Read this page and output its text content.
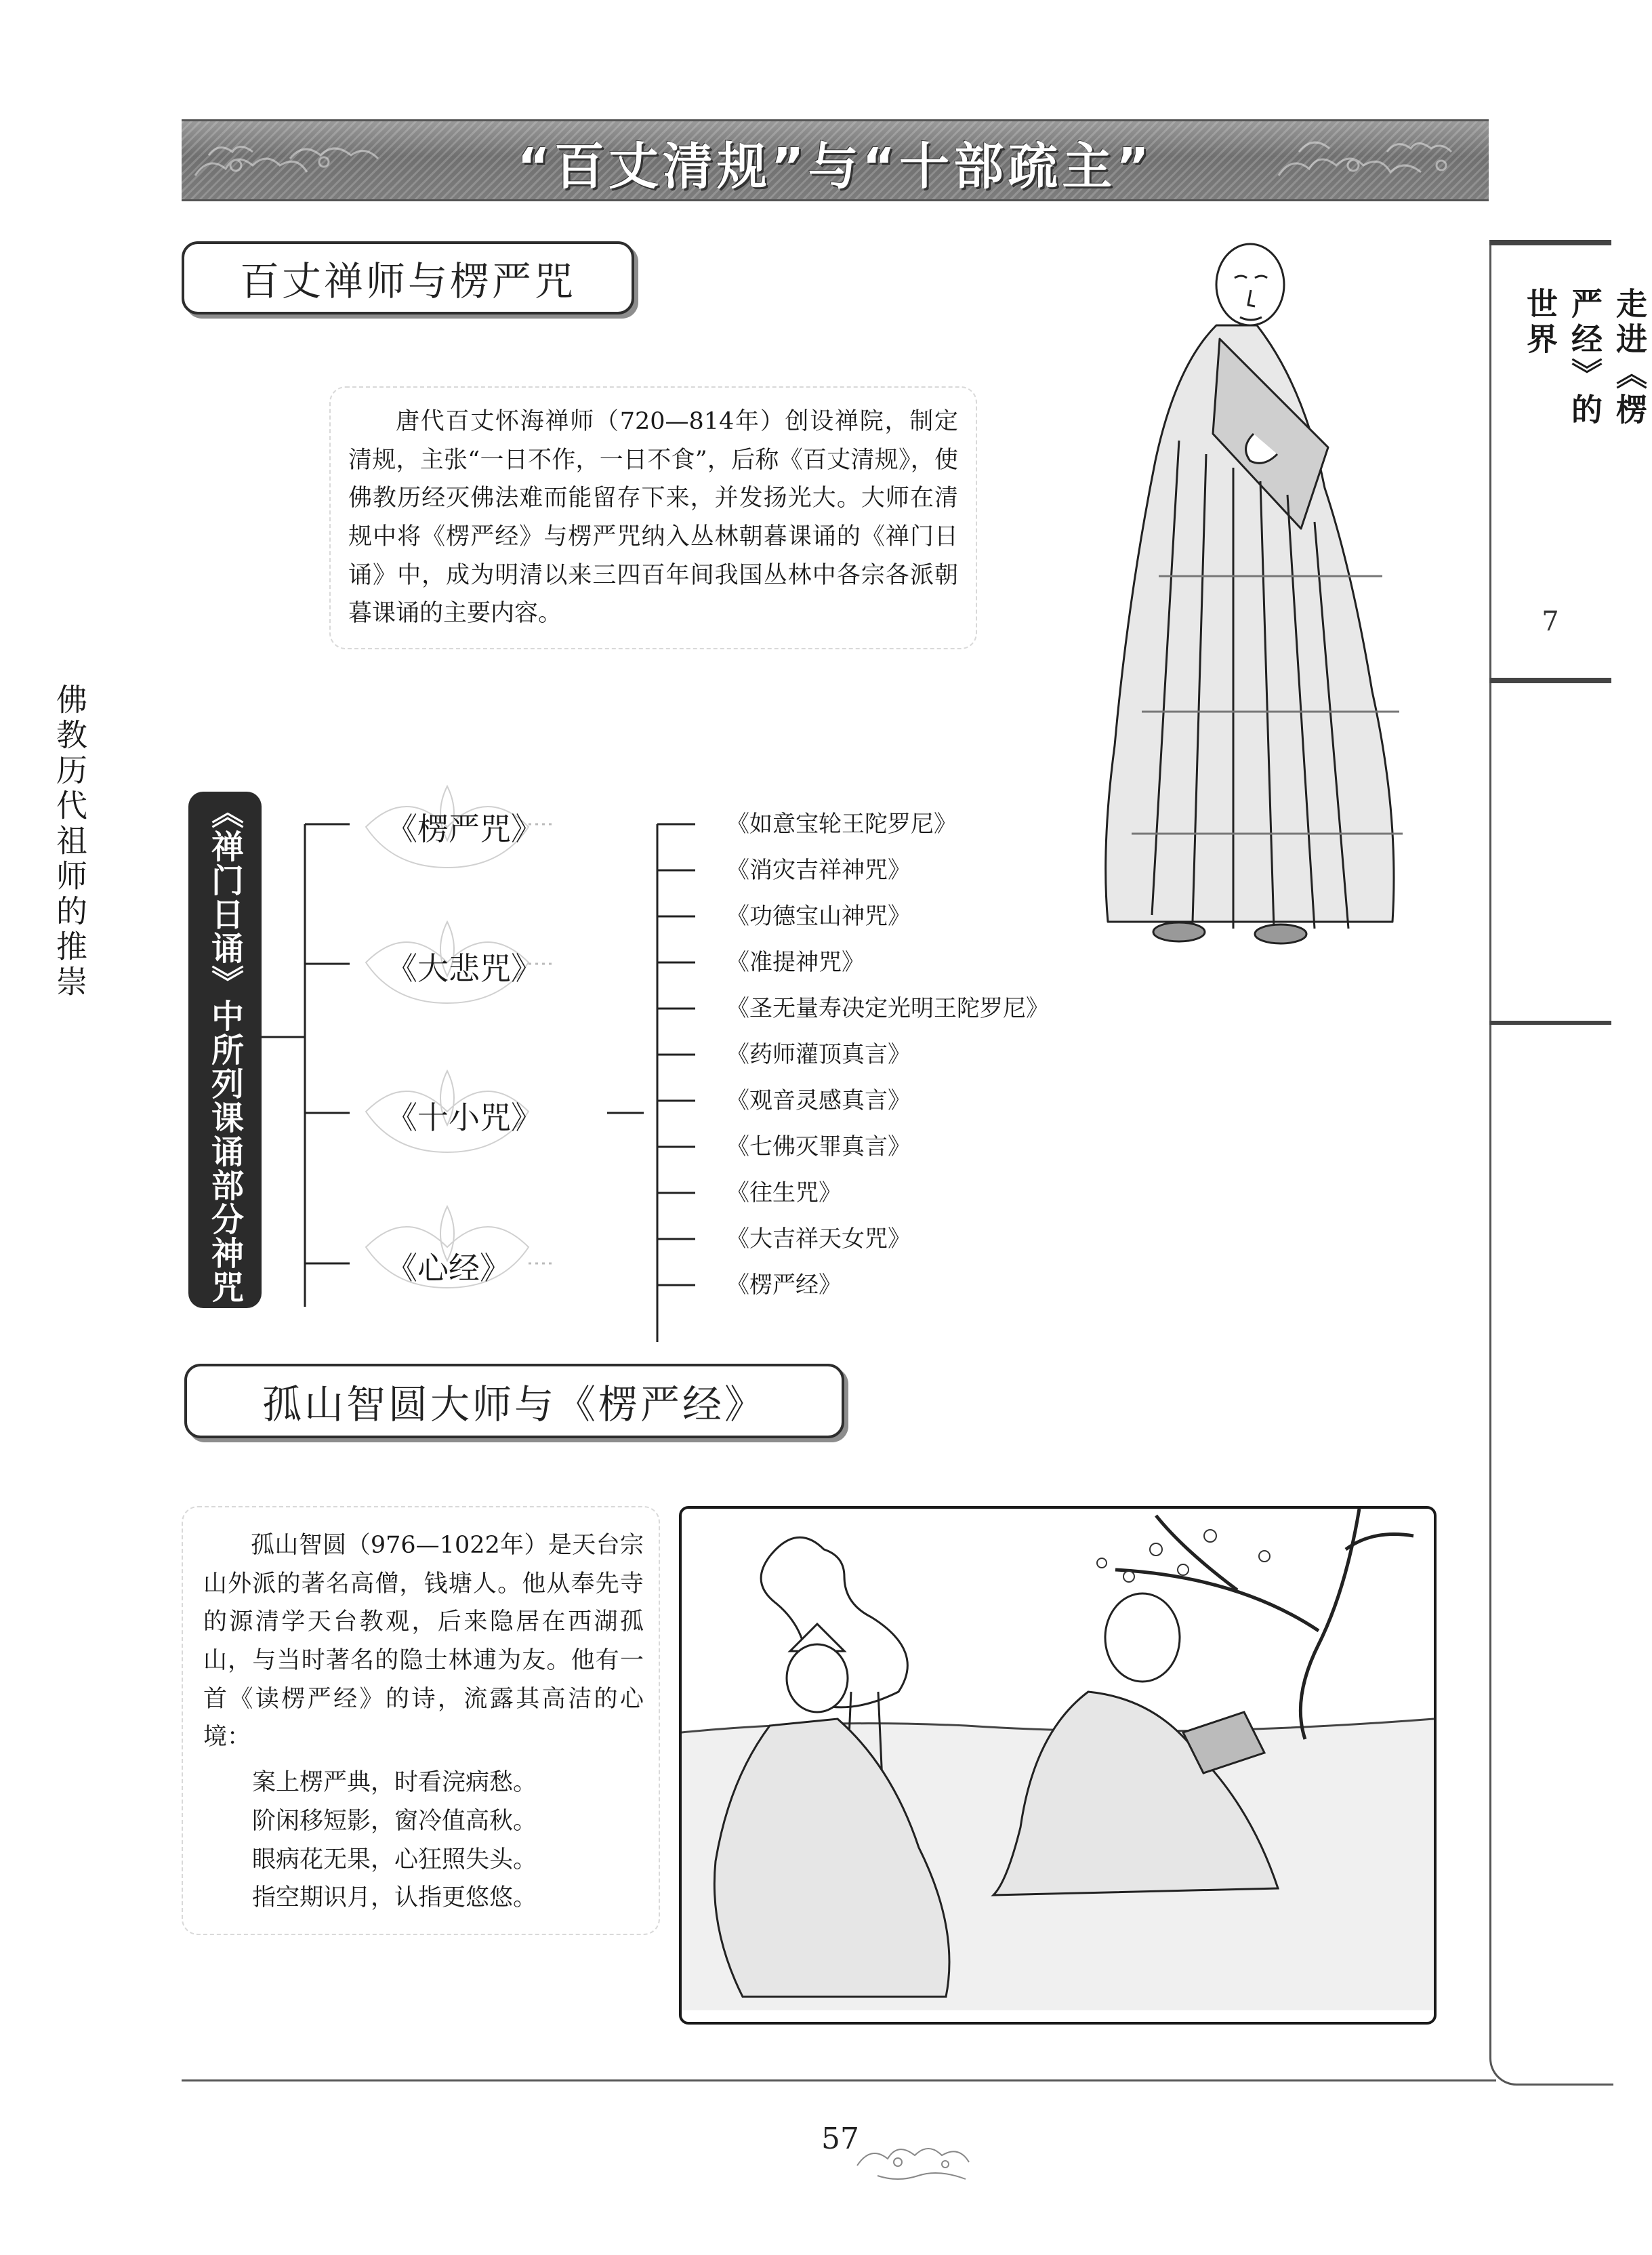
“百丈清规”与“十部疏主”
走进《楞严经》的世界
7
佛教历代祖师的推崇
百丈禅师与楞严咒

唐代百丈怀海禅师（720—814年）创设禅院，制定清规，主张“一日不作，一日不食”，后称《百丈清规》，使佛教历经灭佛法难而能留存下来，并发扬光大。大师在清规中将《楞严经》与楞严咒纳入丛林朝暮课诵的《禅门日诵》中，成为明清以来三四百年间我国丛林中各宗各派朝暮课诵的主要内容。

《禅门日诵》中所列课诵部分神咒	《楞严咒》
《大悲咒》
《十小咒》
《心经》
《如意宝轮王陀罗尼》
《消灾吉祥神咒》
《功德宝山神咒》
《准提神咒》
《圣无量寿决定光明王陀罗尼》
《药师灌顶真言》
《观音灵感真言》
《七佛灭罪真言》
《往生咒》
《大吉祥天女咒》
《楞严经》
孤山智圆大师与《楞严经》

孤山智圆（976—1022年）是天台宗山外派的著名高僧，钱塘人。他从奉先寺的源清学天台教观，后来隐居在西湖孤山，与当时著名的隐士林逋为友。他有一首《读楞严经》的诗，流露其高洁的心境：

案上楞严典，时看浣病愁。
阶闲移短影，窗冷值高秋。
眼病花无果，心狂照失头。
指空期识月，认指更悠悠。
57
